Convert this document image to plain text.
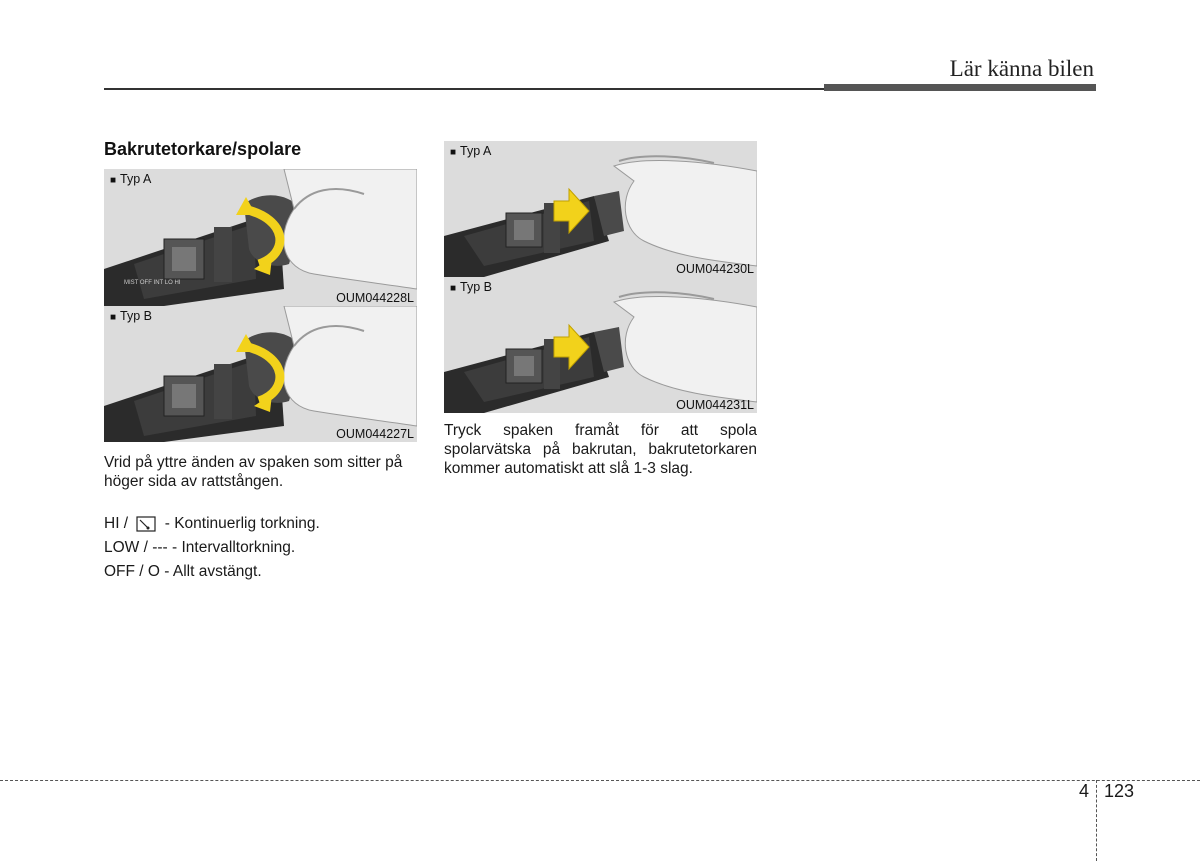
Lär känna bilen
Bakrutetorkare/spolare
MIST OFF INT LO HI
■ Typ A
OUM044228L
■ Typ B
OUM044227L
■ Typ A
OUM044230L
■ Typ B
OUM044231L
Vrid på yttre änden av spaken som sitter på höger sida av rattstången.
HI / - Kontinuerlig torkning.
LOW / --- - Intervalltorkning.
OFF / O - Allt avstängt.
Tryck spaken framåt för att spola spolarvätska på bakrutan, bakrutetorkaren kommer automatiskt att slå 1-3 slag.
4 123
